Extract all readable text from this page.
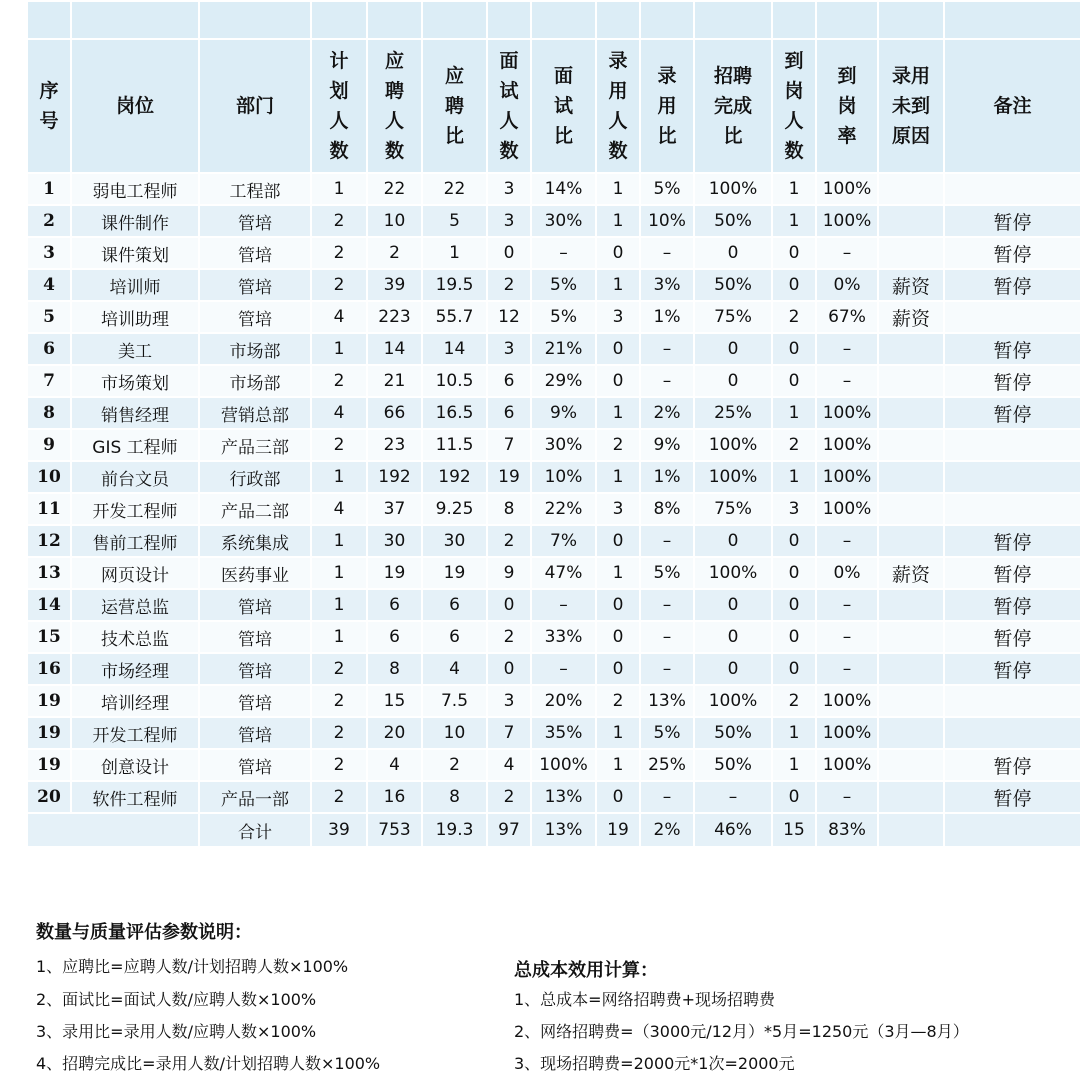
序号	岗位	部门	计划人数	应聘人数	应聘比	面试人数	面试比	录用人数	录用比	招聘完成比	到岗人数	到岗率	录用未到原因	备注
1	弱电工程师	工程部	1	22	22	3	14%	1	5%	100%	1	100%		
2	课件制作	管培	2	10	5	3	30%	1	10%	50%	1	100%		暂停
3	课件策划	管培	2	2	1	0	–	0	–	0	0	–		暂停
4	培训师	管培	2	39	19.5	2	5%	1	3%	50%	0	0%	薪资	暂停
5	培训助理	管培	4	223	55.7	12	5%	3	1%	75%	2	67%	薪资	
6	美工	市场部	1	14	14	3	21%	0	–	0	0	–		暂停
7	市场策划	市场部	2	21	10.5	6	29%	0	–	0	0	–		暂停
8	销售经理	营销总部	4	66	16.5	6	9%	1	2%	25%	1	100%		暂停
9	GIS 工程师	产品三部	2	23	11.5	7	30%	2	9%	100%	2	100%		
10	前台文员	行政部	1	192	192	19	10%	1	1%	100%	1	100%		
11	开发工程师	产品二部	4	37	9.25	8	22%	3	8%	75%	3	100%		
12	售前工程师	系统集成	1	30	30	2	7%	0	–	0	0	–		暂停
13	网页设计	医药事业	1	19	19	9	47%	1	5%	100%	0	0%	薪资	暂停
14	运营总监	管培	1	6	6	0	–	0	–	0	0	–		暂停
15	技术总监	管培	1	6	6	2	33%	0	–	0	0	–		暂停
16	市场经理	管培	2	8	4	0	–	0	–	0	0	–		暂停
19	培训经理	管培	2	15	7.5	3	20%	2	13%	100%	2	100%		
19	开发工程师	管培	2	20	10	7	35%	1	5%	50%	1	100%		
19	创意设计	管培	2	4	2	4	100%	1	25%	50%	1	100%		暂停
20	软件工程师	产品一部	2	16	8	2	13%	0	–	–	0	–		暂停
		合计	39	753	19.3	97	13%	19	2%	46%	15	83%		
数量与质量评估参数说明：
1、应聘比=应聘人数/计划招聘人数×100%
2、面试比=面试人数/应聘人数×100%
3、录用比=录用人数/应聘人数×100%
4、招聘完成比=录用人数/计划招聘人数×100%
总成本效用计算：
1、总成本=网络招聘费+现场招聘费
2、网络招聘费=（3000元/12月）*5月=1250元（3月—8月）
3、现场招聘费=2000元*1次=2000元
